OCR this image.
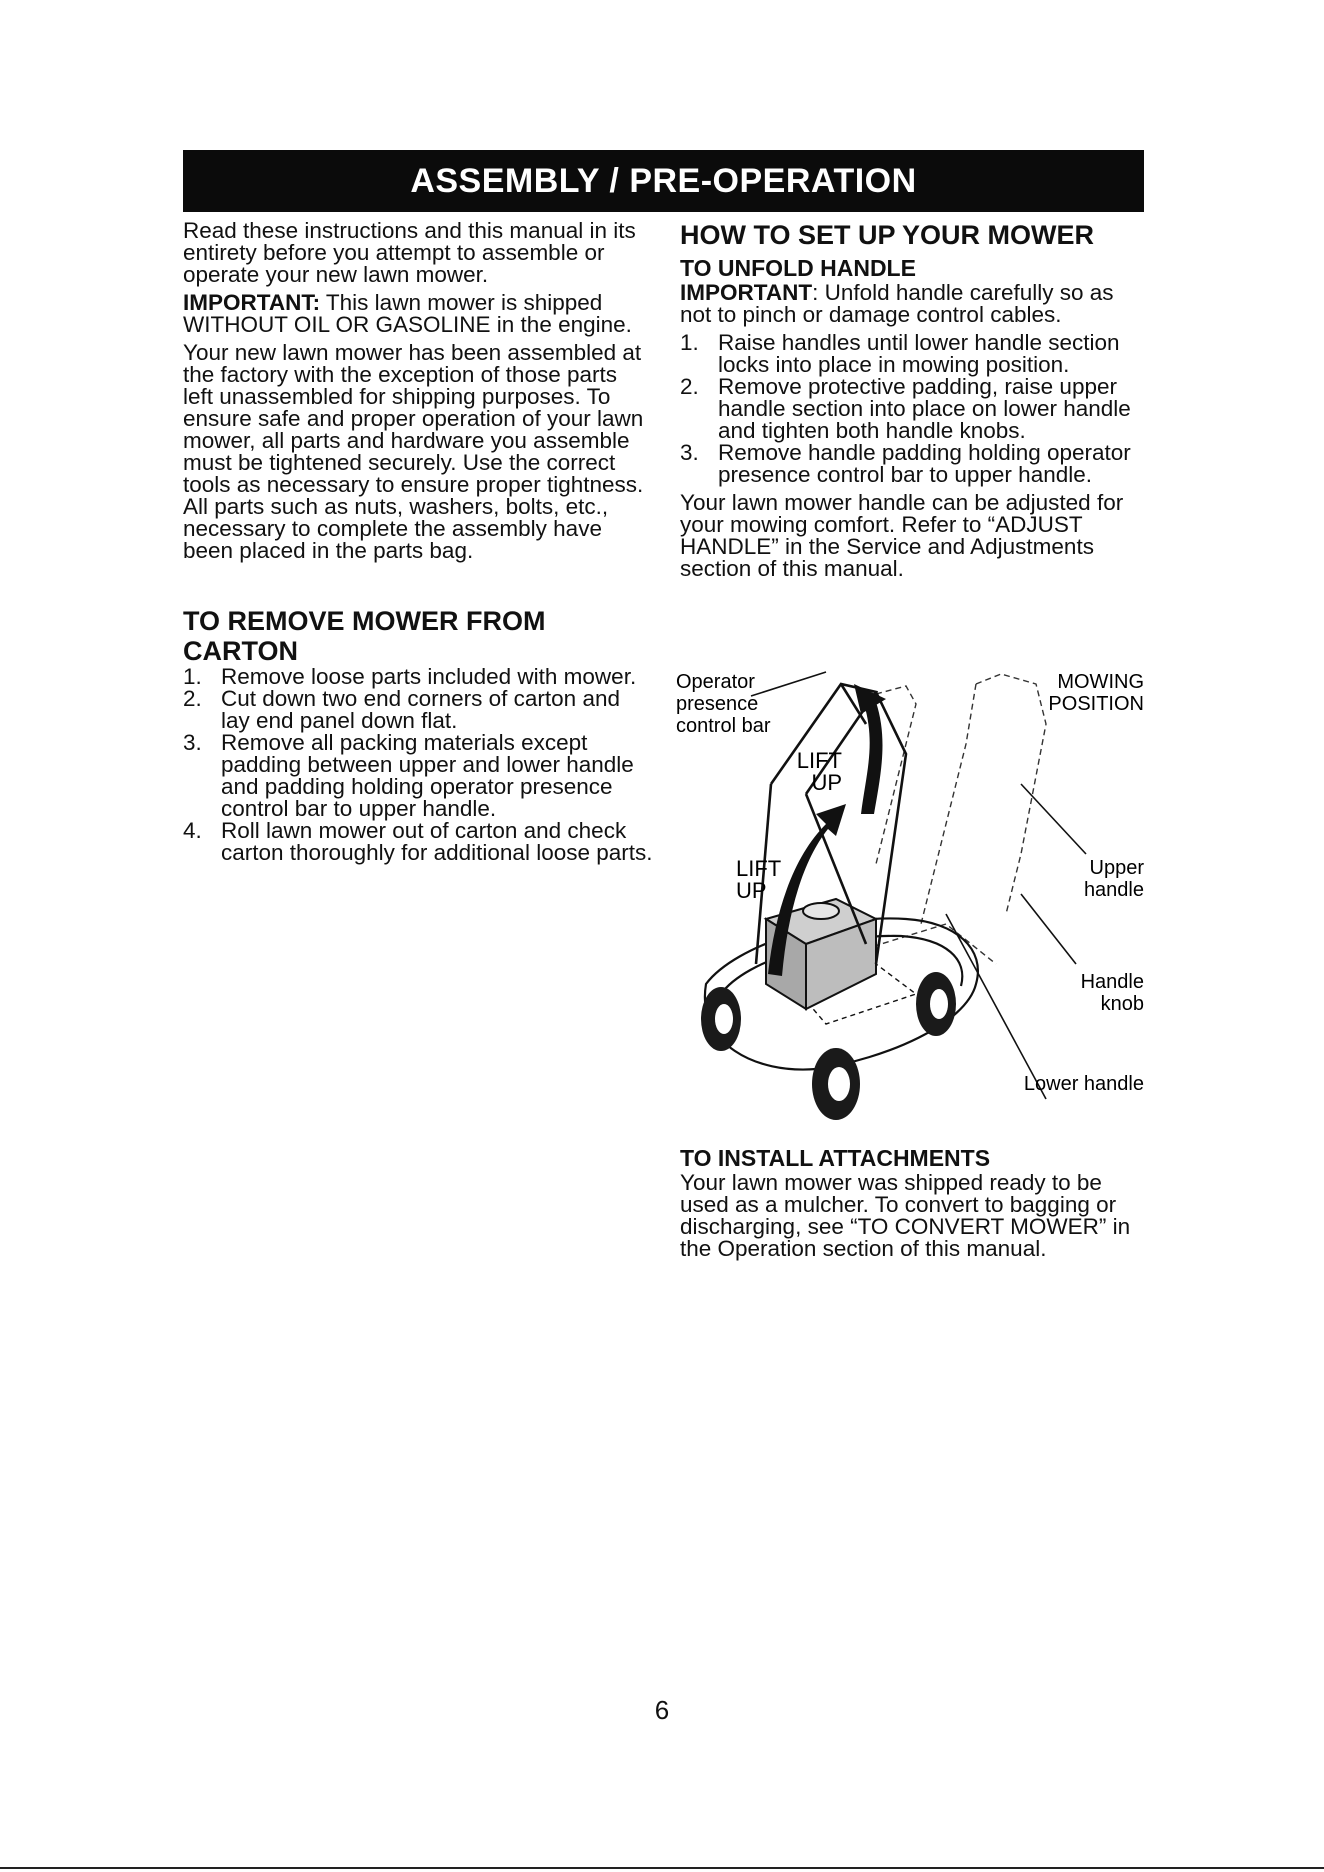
ASSEMBLY / PRE-OPERATION

Read these instructions and this manual in its entirety before you attempt to assemble or operate your new lawn mower.

IMPORTANT: This lawn mower is shipped WITHOUT OIL OR GASOLINE in the engine.

Your new lawn mower has been assembled at the factory with the exception of those parts left unassembled for shipping purposes. To ensure safe and proper operation of your lawn mower, all parts and hardware you assemble must be tightened securely. Use the correct tools as necessary to ensure proper tightness. All parts such as nuts, washers, bolts, etc., necessary to complete the assembly have been placed in the parts bag.

TO REMOVE MOWER FROM CARTON
1. Remove loose parts included with mower.
2. Cut down two end corners of carton and lay end panel down flat.
3. Remove all packing materials except padding between upper and lower handle and padding holding operator presence control bar to upper handle.
4. Roll lawn mower out of carton and check carton thoroughly for additional loose parts.
HOW TO SET UP YOUR MOWER
TO UNFOLD HANDLE

IMPORTANT: Unfold handle carefully so as not to pinch or damage control cables.

1. Raise handles until lower handle section locks into place in mowing position.
2. Remove protective padding, raise upper handle section into place on lower handle and tighten both handle knobs.
3. Remove handle padding holding operator presence control bar to upper handle.

Your lawn mower handle can be adjusted for your mowing comfort. Refer to “ADJUST HANDLE” in the Service and Adjustments section of this manual.

Operator
presence
control bar
MOWING
POSITION
LIFT
UP
LIFT
UP
Upper
handle
Handle
knob
Lower handle
TO INSTALL ATTACHMENTS

Your lawn mower was shipped ready to be used as a mulcher. To convert to bagging or discharging, see “TO CONVERT MOWER” in the Operation section of this manual.

6
